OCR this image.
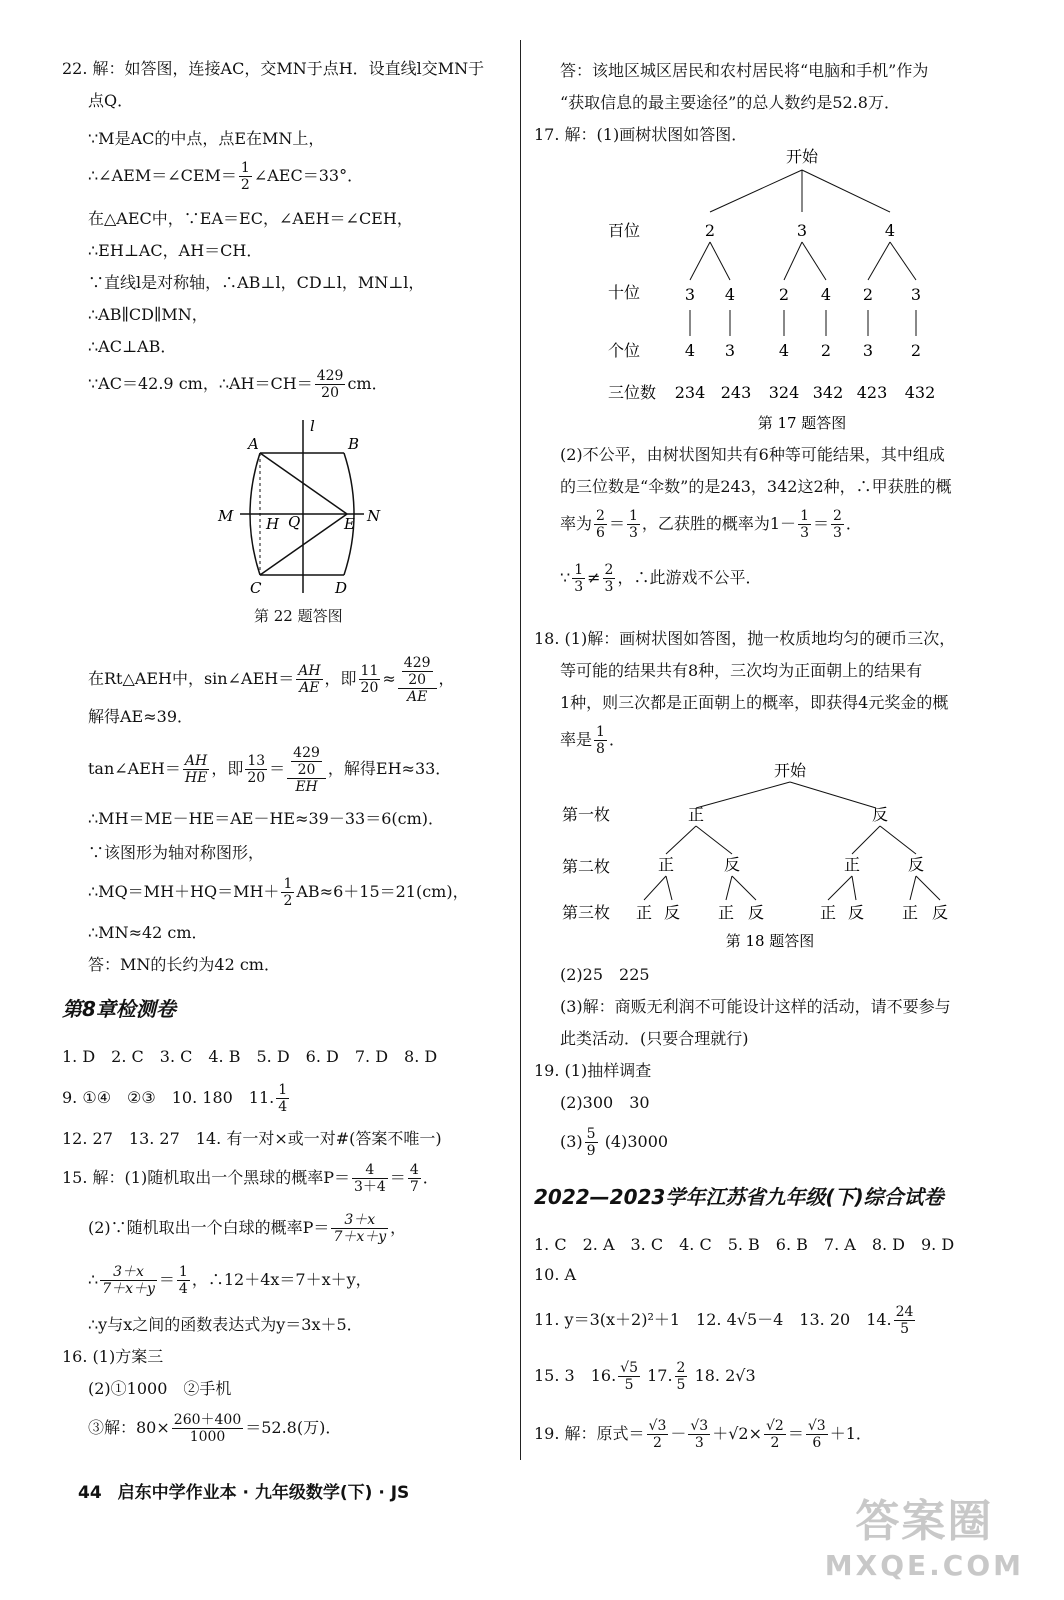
22. 解：如答图，连接AC，交MN于点H．设直线l交MN于
点Q．
∵M是AC的中点，点E在MN上，
∴∠AEM＝∠CEM＝ $\frac{1}{2}$ ∠AEC＝33°．
在△AEC中，∵EA＝EC，∠AEH＝∠CEH，
∴EH⊥AC，AH＝CH．
∵直线l是对称轴，∴AB⊥l，CD⊥l，MN⊥l，
∴AB∥CD∥MN，
∴AC⊥AB．
∵AC＝42.9 cm，∴AH＝CH＝ $\frac{429}{20}$ cm．
A	B
C	D
M	N
H Q	E
l
第 22 题答图
在Rt△AEH中，sin∠AEH＝ $\frac{AH}{AE}$ ，即 $\frac{11}{20} \approx 429$
20
AE ，
解得AE≈39．
tan∠AEH＝ $\frac{AH}{HE}$ ，即 $\frac{13}{20} = 429$
20
EH ，解得EH≈33．
∴MH＝ME－HE＝AE－HE≈39－33＝6(cm)．
∵该图形为轴对称图形，
∴MQ＝MH＋HQ＝MH＋ $\frac{1}{2} AB\approx 6+15=21(cm)$，
∴MN≈42 cm．
答：MN的长约为42 cm．
第8章检测卷
1. D　2. C　3. C　4. B　5. D　6. D　7. D　8. D
9. ①④　②③　10. 180　11. $\frac{1}{4}$
12. 27　13. 27　14. 有一对×或一对#(答案不唯一)
15. 解：(1)随机取出一个黑球的概率$P= \frac{4}{3+4} = \frac{4}{7}$ ．
(2)∵随机取出一个白球的概率$P= \frac{3+x}{7+x+y}$ ，
∴ $\frac{3+x}{7+x+y} = \frac{1}{4}$ ，∴12＋4x＝7＋x＋y，
∴y与x之间的函数表达式为y＝3x＋5．
16. (1)方案三
(2)①1000　②手机
③解：$80\times \frac{260+400}{1000} =52.8$(万)．
答：该地区城区居民和农村居民将“电脑和手机”作为
“获取信息的最主要途径”的总人数约是52.8万．
17. 解：(1)画树状图如答图．
开始
百位
十位
个位
三位数
2	3	4
3 4	2 4 2 3
4 3	4 2 3 2
234 243 324 342 423 432
第 17 题答图
(2)不公平，由树状图知共有6种等可能结果，其中组成
的三位数是“伞数”的是243，342这2种，∴甲获胜的概
率为 $\frac{2}{6} = \frac{1}{3}$ ，乙获胜的概率为$1- \frac{1}{3} = \frac{2}{3}$ ．
∵ $\frac{1}{3} \ne \frac{2}{3}$ ，∴此游戏不公平．
18. (1)解：画树状图如答图，抛一枚质地均匀的硬币三次，
等可能的结果共有8种，三次均为正面朝上的结果有
1种，则三次都是正面朝上的概率，即获得4元奖金的概
率是 $\frac{1}{8}$ ．
开始
第一枚
第二枚
第三枚
正	反
正	反	正	反
正 反 正 反	正 反 正 反
第 18 题答图
(2)25　225
(3)解：商贩无利润不可能设计这样的活动，请不要参与
此类活动．(只要合理就行)
19. (1)抽样调查
(2)300　30
$(3) \frac{5}{9} (4)3000$
2022—2023学年江苏省九年级(下)综合试卷
1. C　2. A　3. C　4. C　5. B　6. B　7. A　8. D　9. D
10. A
11. y＝3(x＋2)²＋1　12. 4√5－4　13. 20　14. $\frac{24}{5}$
15. 3　16. $\frac{√5}{5} 17$. $\frac{2}{5} 18$. 2√3
19. 解：原式＝ $\frac{√3}{2} - \frac{√3}{3} +√2\times \frac{√2}{2} = \frac{√3}{6} +1$．
44 启东中学作业本 · 九年级数学(下) · JS
答案圈
MXQE.COM
